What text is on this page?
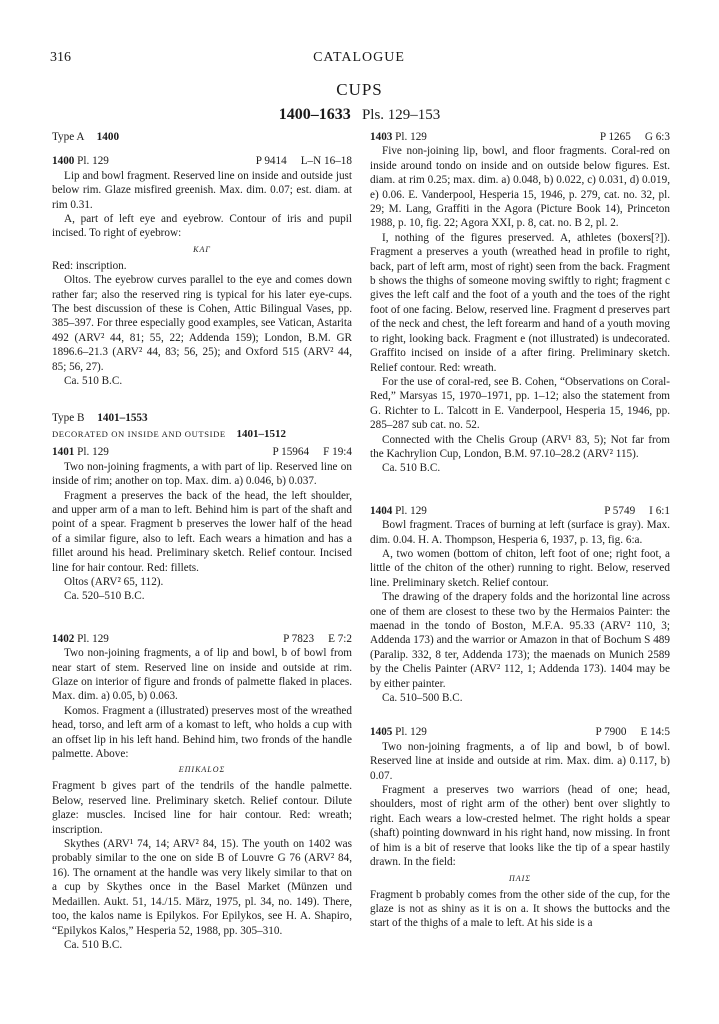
316	CATALOGUE
CUPS
1400–1633 Pls. 129–153
Type A 1400
1400 Pl. 129	P 9414 L–N 16–18

Lip and bowl fragment. Reserved line on inside and outside just below rim. Glaze misfired greenish. Max. dim. 0.07; est. diam. at rim 0.31.

A, part of left eye and eyebrow. Contour of iris and pupil incised. To right of eyebrow:

KAΓ

Red: inscription.

Oltos. The eyebrow curves parallel to the eye and comes down rather far; also the reserved ring is typical for his later eye-cups. The best discussion of these is Cohen, Attic Bilingual Vases, pp. 385–397. For three especially good examples, see Vatican, Astarita 492 (ARV² 44, 81; 55, 22; Addenda 159); London, B.M. GR 1896.6–21.3 (ARV² 44, 83; 56, 25); and Oxford 515 (ARV² 44, 85; 56, 27).

Ca. 510 B.C.

Type B 1401–1553
DECORATED ON INSIDE AND OUTSIDE 1401–1512
1401 Pl. 129	P 15964 F 19:4

Two non-joining fragments, a with part of lip. Reserved line on inside of rim; another on top. Max. dim. a) 0.046, b) 0.037.

Fragment a preserves the back of the head, the left shoulder, and upper arm of a man to left. Behind him is part of the shaft and point of a spear. Fragment b preserves the lower half of the head of a similar figure, also to left. Each wears a himation and has a fillet around his head. Preliminary sketch. Relief contour. Incised line for hair contour. Red: fillets.

Oltos (ARV² 65, 112).

Ca. 520–510 B.C.

1402 Pl. 129	P 7823 E 7:2

Two non-joining fragments, a of lip and bowl, b of bowl from near start of stem. Reserved line on inside and outside at rim. Glaze on interior of figure and fronds of palmette flaked in places. Max. dim. a) 0.05, b) 0.063.

Komos. Fragment a (illustrated) preserves most of the wreathed head, torso, and left arm of a komast to left, who holds a cup with an offset lip in his left hand. Behind him, two fronds of the handle palmette. Above:

ΕΠΙΚΑLΟΣ

Fragment b gives part of the tendrils of the handle palmette. Below, reserved line. Preliminary sketch. Relief contour. Dilute glaze: muscles. Incised line for hair contour. Red: wreath; inscription.

Skythes (ARV¹ 74, 14; ARV² 84, 15). The youth on 1402 was probably similar to the one on side B of Louvre G 76 (ARV² 84, 16). The ornament at the handle was very likely similar to that on a cup by Skythes once in the Basel Market (Münzen und Medaillen. Aukt. 51, 14./15. März, 1975, pl. 34, no. 149). There, too, the kalos name is Epilykos. For Epilykos, see H. A. Shapiro, “Epilykos Kalos,” Hesperia 52, 1988, pp. 305–310.

Ca. 510 B.C.

1403 Pl. 129	P 1265 G 6:3

Five non-joining lip, bowl, and floor fragments. Coral-red on inside around tondo on inside and on outside below figures. Est. diam. at rim 0.25; max. dim. a) 0.048, b) 0.022, c) 0.031, d) 0.019, e) 0.06. E. Vanderpool, Hesperia 15, 1946, p. 279, cat. no. 32, pl. 29; M. Lang, Graffiti in the Agora (Picture Book 14), Princeton 1988, p. 10, fig. 22; Agora XXI, p. 8, cat. no. B 2, pl. 2.

I, nothing of the figures preserved. A, athletes (boxers[?]). Fragment a preserves a youth (wreathed head in profile to right, back, part of left arm, most of right) seen from the back. Fragment b shows the thighs of someone moving swiftly to right; fragment c gives the left calf and the foot of a youth and the toes of the right foot of one facing. Below, reserved line. Fragment d preserves part of the neck and chest, the left forearm and hand of a youth moving to right, looking back. Fragment e (not illustrated) is undecorated. Graffito incised on inside of a after firing. Preliminary sketch. Relief contour. Red: wreath.

For the use of coral-red, see B. Cohen, “Observations on Coral-Red,” Marsyas 15, 1970–1971, pp. 1–12; also the statement from G. Richter to L. Talcott in E. Vanderpool, Hesperia 15, 1946, pp. 285–287 sub cat. no. 52.

Connected with the Chelis Group (ARV¹ 83, 5); Not far from the Kachrylion Cup, London, B.M. 97.10–28.2 (ARV² 115).

Ca. 510 B.C.

1404 Pl. 129	P 5749 I 6:1

Bowl fragment. Traces of burning at left (surface is gray). Max. dim. 0.04. H. A. Thompson, Hesperia 6, 1937, p. 13, fig. 6:a.

A, two women (bottom of chiton, left foot of one; right foot, a little of the chiton of the other) running to right. Below, reserved line. Preliminary sketch. Relief contour.

The drawing of the drapery folds and the horizontal line across one of them are closest to these two by the Hermaios Painter: the maenad in the tondo of Boston, M.F.A. 95.33 (ARV² 110, 3; Addenda 173) and the warrior or Amazon in that of Bochum S 489 (Paralip. 332, 8 ter, Addenda 173); the maenads on Munich 2589 by the Chelis Painter (ARV² 112, 1; Addenda 173). 1404 may be by either painter.

Ca. 510–500 B.C.

1405 Pl. 129	P 7900 E 14:5

Two non-joining fragments, a of lip and bowl, b of bowl. Reserved line at inside and outside at rim. Max. dim. a) 0.117, b) 0.07.

Fragment a preserves two warriors (head of one; head, shoulders, most of right arm of the other) bent over slightly to right. Each wears a low-crested helmet. The right holds a spear (shaft) pointing downward in his right hand, now missing. In front of him is a bit of reserve that looks like the tip of a spear hastily drawn. In the field:

ΠΑΙΣ

Fragment b probably comes from the other side of the cup, for the glaze is not as shiny as it is on a. It shows the buttocks and the start of the thighs of a male to left. At his side is a
